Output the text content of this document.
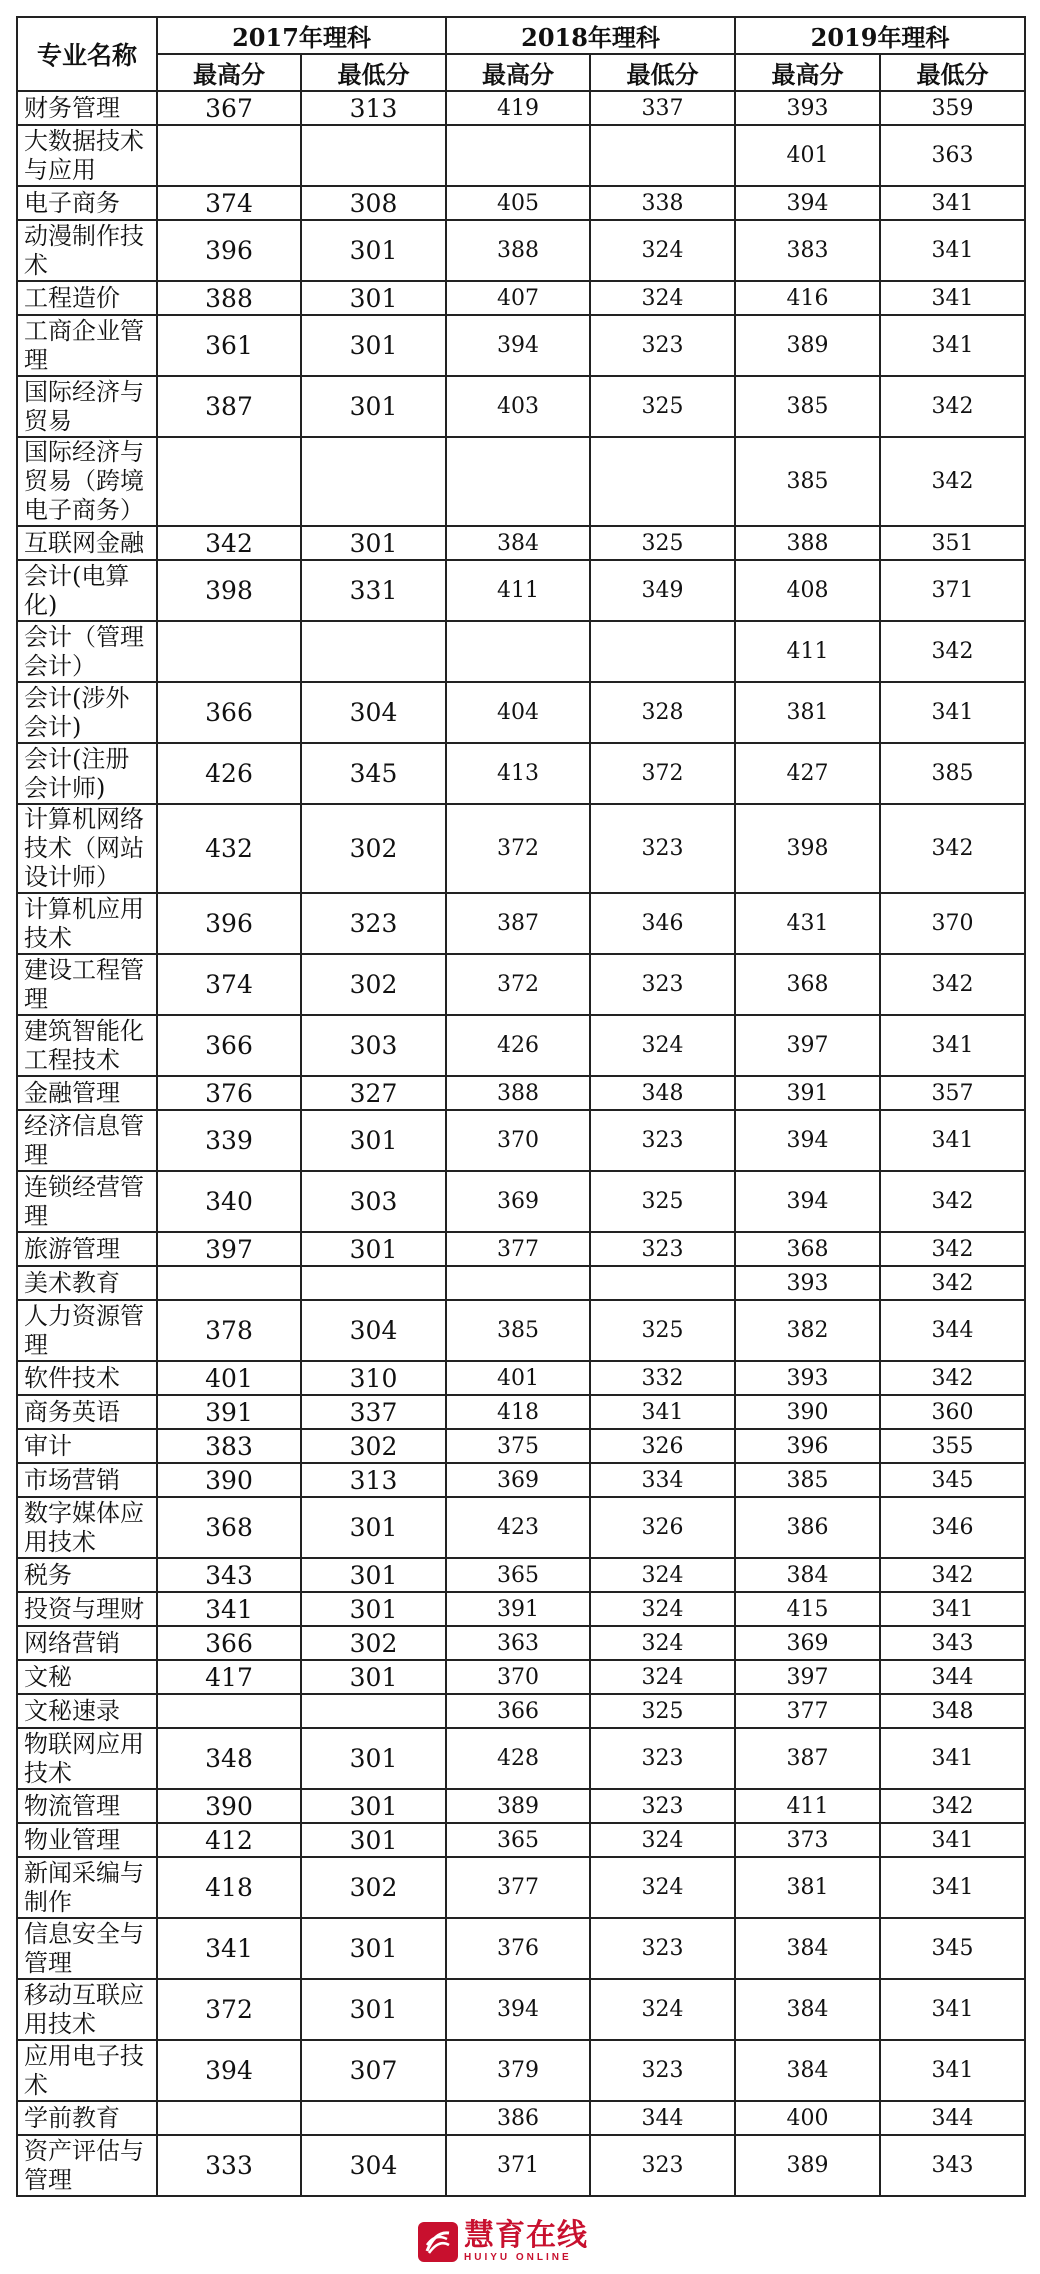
专业名称	2017年理科		2018年理科		2019年理科	
	最高分	最低分	最高分	最低分	最高分	最低分
财务管理	367	313	419	337	393	359
大数据技术与应用					401	363
电子商务	374	308	405	338	394	341
动漫制作技术	396	301	388	324	383	341
工程造价	388	301	407	324	416	341
工商企业管理	361	301	394	323	389	341
国际经济与贸易	387	301	403	325	385	342
国际经济与贸易（跨境电子商务）					385	342
互联网金融	342	301	384	325	388	351
会计(电算化)	398	331	411	349	408	371
会计（管理会计）					411	342
会计(涉外会计)	366	304	404	328	381	341
会计(注册会计师)	426	345	413	372	427	385
计算机网络技术（网站设计师）	432	302	372	323	398	342
计算机应用技术	396	323	387	346	431	370
建设工程管理	374	302	372	323	368	342
建筑智能化工程技术	366	303	426	324	397	341
金融管理	376	327	388	348	391	357
经济信息管理	339	301	370	323	394	341
连锁经营管理	340	303	369	325	394	342
旅游管理	397	301	377	323	368	342
美术教育					393	342
人力资源管理	378	304	385	325	382	344
软件技术	401	310	401	332	393	342
商务英语	391	337	418	341	390	360
审计	383	302	375	326	396	355
市场营销	390	313	369	334	385	345
数字媒体应用技术	368	301	423	326	386	346
税务	343	301	365	324	384	342
投资与理财	341	301	391	324	415	341
网络营销	366	302	363	324	369	343
文秘	417	301	370	324	397	344
文秘速录			366	325	377	348
物联网应用技术	348	301	428	323	387	341
物流管理	390	301	389	323	411	342
物业管理	412	301	365	324	373	341
新闻采编与制作	418	302	377	324	381	341
信息安全与管理	341	301	376	323	384	345
移动互联应用技术	372	301	394	324	384	341
应用电子技术	394	307	379	323	384	341
学前教育			386	344	400	344
资产评估与管理	333	304	371	323	389	343
慧育在线
HUIYU ONLINE
